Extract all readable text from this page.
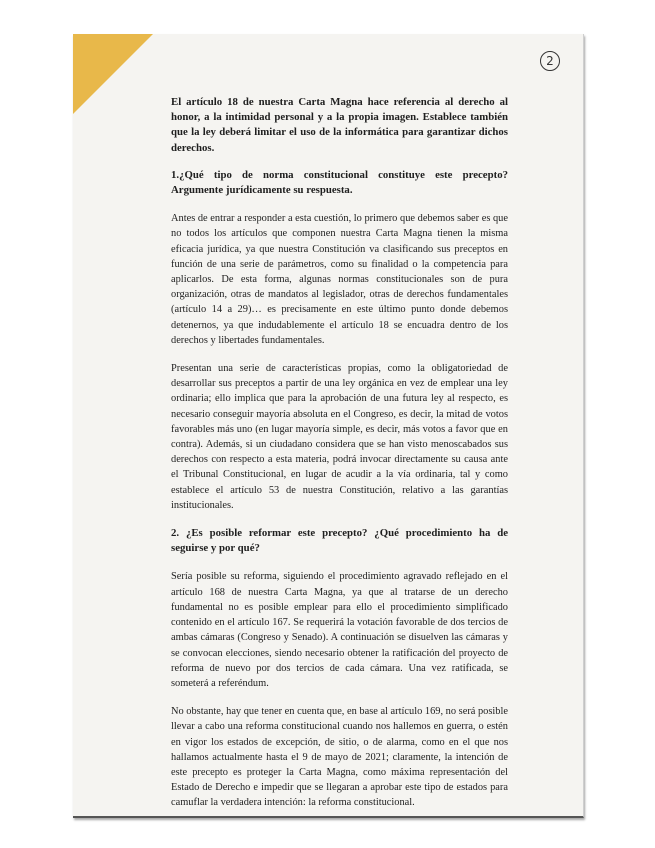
2

El artículo 18 de nuestra Carta Magna hace referencia al derecho al honor, a la intimidad personal y a la propia imagen. Establece también que la ley deberá limitar el uso de la informática para garantizar dichos derechos.

1.¿Qué tipo de norma constitucional constituye este precepto? Argumente jurídicamente su respuesta.

Antes de entrar a responder a esta cuestión, lo primero que debemos saber es que no todos los artículos que componen nuestra Carta Magna tienen la misma eficacia jurídica, ya que nuestra Constitución va clasificando sus preceptos en función de una serie de parámetros, como su finalidad o la competencia para aplicarlos. De esta forma, algunas normas constitucionales son de pura organización, otras de mandatos al legislador, otras de derechos fundamentales (artículo 14 a 29)… es precisamente en este último punto donde debemos detenernos, ya que indudablemente el artículo 18 se encuadra dentro de los derechos y libertades fundamentales.

Presentan una serie de características propias, como la obligatoriedad de desarrollar sus preceptos a partir de una ley orgánica en vez de emplear una ley ordinaria; ello implica que para la aprobación de una futura ley al respecto, es necesario conseguir mayoría absoluta en el Congreso, es decir, la mitad de votos favorables más uno (en lugar mayoría simple, es decir, más votos a favor que en contra). Además, si un ciudadano considera que se han visto menoscabados sus derechos con respecto a esta materia, podrá invocar directamente su causa ante el Tribunal Constitucional, en lugar de acudir a la vía ordinaria, tal y como establece el artículo 53 de nuestra Constitución, relativo a las garantías institucionales.

2. ¿Es posible reformar este precepto? ¿Qué procedimiento ha de seguirse y por qué?

Sería posible su reforma, siguiendo el procedimiento agravado reflejado en el artículo 168 de nuestra Carta Magna, ya que al tratarse de un derecho fundamental no es posible emplear para ello el procedimiento simplificado contenido en el artículo 167. Se requerirá la votación favorable de dos tercios de ambas cámaras (Congreso y Senado). A continuación se disuelven las cámaras y se convocan elecciones, siendo necesario obtener la ratificación del proyecto de reforma de nuevo por dos tercios de cada cámara. Una vez ratificada, se someterá a referéndum.

No obstante, hay que tener en cuenta que, en base al artículo 169, no será posible llevar a cabo una reforma constitucional cuando nos hallemos en guerra, o estén en vigor los estados de excepción, de sitio, o de alarma, como en el que nos hallamos actualmente hasta el 9 de mayo de 2021; claramente, la intención de este precepto es proteger la Carta Magna, como máxima representación del Estado de Derecho e impedir que se llegaran a aprobar este tipo de estados para camuflar la verdadera intención: la reforma constitucional.
